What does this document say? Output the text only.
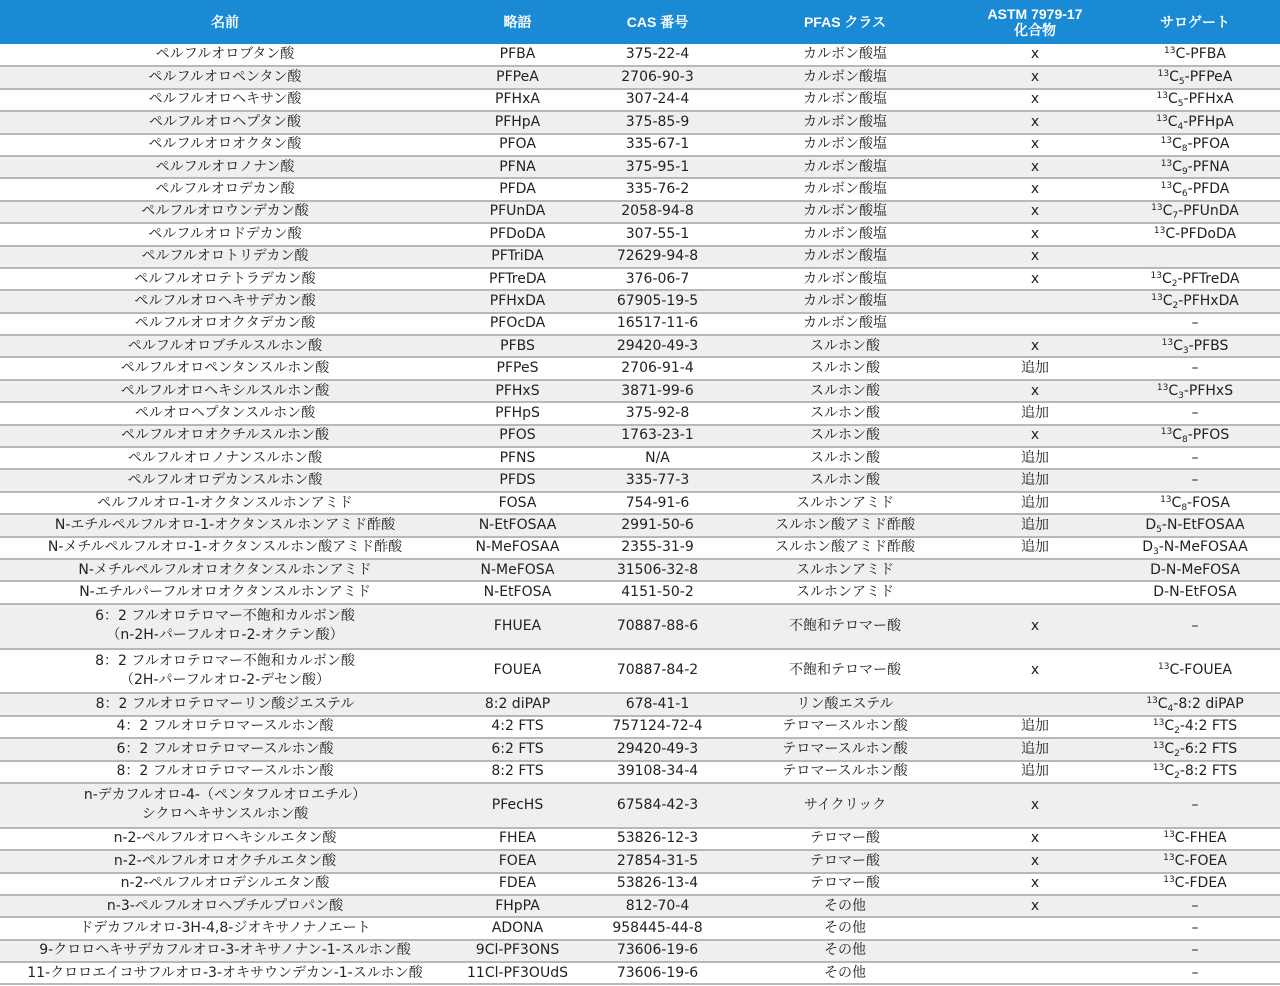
名前	略語	CAS 番号	PFAS クラス	ASTM 7979-17
化合物	サロゲート
ペルフルオロブタン酸	PFBA	375-22-4	カルボン酸塩	x	$^{13}$C-PFBA
ペルフルオロペンタン酸	PFPeA	2706-90-3	カルボン酸塩	x	$^{13}C_5$-PFPeA
ペルフルオロヘキサン酸	PFHxA	307-24-4	カルボン酸塩	x	$^{13}C_5$-PFHxA
ペルフルオロヘプタン酸	PFHpA	375-85-9	カルボン酸塩	x	$^{13}C_4$-PFHpA
ペルフルオロオクタン酸	PFOA	335-67-1	カルボン酸塩	x	$^{13}C_8$-PFOA
ペルフルオロノナン酸	PFNA	375-95-1	カルボン酸塩	x	$^{13}C_9$-PFNA
ペルフルオロデカン酸	PFDA	335-76-2	カルボン酸塩	x	$^{13}C_6$-PFDA
ペルフルオロウンデカン酸	PFUnDA	2058-94-8	カルボン酸塩	x	$^{13}C_7$-PFUnDA
ペルフルオロドデカン酸	PFDoDA	307-55-1	カルボン酸塩	x	$^{13}$C-PFDoDA
ペルフルオロトリデカン酸	PFTriDA	72629-94-8	カルボン酸塩	x	
ペルフルオロテトラデカン酸	PFTreDA	376-06-7	カルボン酸塩	x	$^{13}C_2$-PFTreDA
ペルフルオロヘキサデカン酸	PFHxDA	67905-19-5	カルボン酸塩		$^{13}C_2$-PFHxDA
ペルフルオロオクタデカン酸	PFOcDA	16517-11-6	カルボン酸塩		–
ペルフルオロブチルスルホン酸	PFBS	29420-49-3	スルホン酸	x	$^{13}C_3$-PFBS
ペルフルオロペンタンスルホン酸	PFPeS	2706-91-4	スルホン酸	追加	–
ペルフルオロヘキシルスルホン酸	PFHxS	3871-99-6	スルホン酸	x	$^{13}C_3$-PFHxS
ペルオロヘプタンスルホン酸	PFHpS	375-92-8	スルホン酸	追加	–
ペルフルオロオクチルスルホン酸	PFOS	1763-23-1	スルホン酸	x	$^{13}C_8$-PFOS
ペルフルオロノナンスルホン酸	PFNS	N/A	スルホン酸	追加	–
ペルフルオロデカンスルホン酸	PFDS	335-77-3	スルホン酸	追加	–
ペルフルオロ-1-オクタンスルホンアミド	FOSA	754-91-6	スルホンアミド	追加	$^{13}C_8$-FOSA
N-エチルペルフルオロ-1-オクタンスルホンアミド酢酸	N-EtFOSAA	2991-50-6	スルホン酸アミド酢酸	追加	$D_5-N$-EtFOSAA
N-メチルペルフルオロ-1-オクタンスルホン酸アミド酢酸	N-MeFOSAA	2355-31-9	スルホン酸アミド酢酸	追加	$D_3-N$-MeFOSAA
N-メチルペルフルオロオクタンスルホンアミド	N-MeFOSA	31506-32-8	スルホンアミド		D-N-MeFOSA
N-エチルパーフルオロオクタンスルホンアミド	N-EtFOSA	4151-50-2	スルホンアミド		D-N-EtFOSA
6：2 フルオロテロマー不飽和カルボン酸
（n-2H-パーフルオロ-2-オクテン酸）	FHUEA	70887-88-6	不飽和テロマー酸	x	–
8：2 フルオロテロマー不飽和カルボン酸
（2H-パーフルオロ-2-デセン酸）	FOUEA	70887-84-2	不飽和テロマー酸	x	$^{13}$C-FOUEA
8：2 フルオロテロマーリン酸ジエステル	8:2 diPAP	678-41-1	リン酸エステル		$^{13}C_4-8:2$ diPAP
4：2 フルオロテロマースルホン酸	4:2 FTS	757124-72-4	テロマースルホン酸	追加	$^{13}C_2-4:2$ FTS
6：2 フルオロテロマースルホン酸	6:2 FTS	29420-49-3	テロマースルホン酸	追加	$^{13}C_2-6:2$ FTS
8：2 フルオロテロマースルホン酸	8:2 FTS	39108-34-4	テロマースルホン酸	追加	$^{13}C_2-8:2$ FTS
n-デカフルオロ-4-（ペンタフルオロエチル）
シクロヘキサンスルホン酸	PFecHS	67584-42-3	サイクリック	x	–
n-2-ペルフルオロヘキシルエタン酸	FHEA	53826-12-3	テロマー酸	x	$^{13}$C-FHEA
n-2-ペルフルオロオクチルエタン酸	FOEA	27854-31-5	テロマー酸	x	$^{13}$C-FOEA
n-2-ペルフルオロデシルエタン酸	FDEA	53826-13-4	テロマー酸	x	$^{13}$C-FDEA
n-3-ペルフルオロヘプチルプロパン酸	FHpPA	812-70-4	その他	x	–
ドデカフルオロ-3H-4,8-ジオキサノナノエート	ADONA	958445-44-8	その他		–
9-クロロヘキサデカフルオロ-3-オキサノナン-1-スルホン酸	9Cl-PF3ONS	73606-19-6	その他		–
11-クロロエイコサフルオロ-3-オキサウンデカン-1-スルホン酸	11Cl-PF3OUdS	73606-19-6	その他		–
